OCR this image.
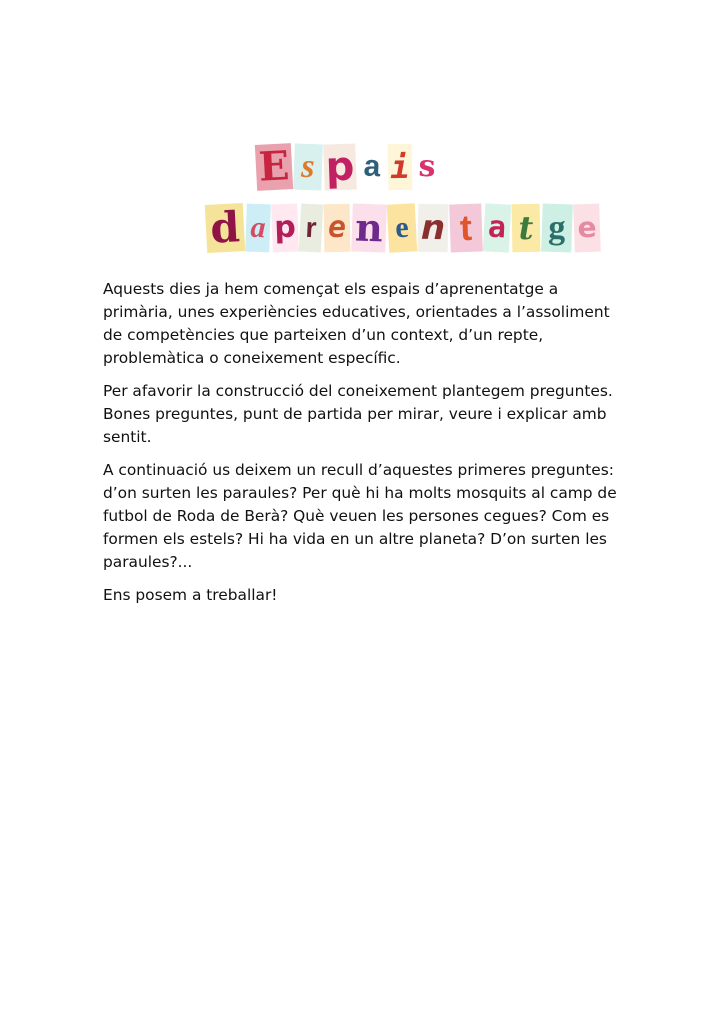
E s p a i s
d a p r e n e n t a t g e

Aquests dies ja hem començat els espais d’aprenentatge a primària, unes experiències educatives, orientades a l’assoliment de competències que parteixen d’un context, d’un repte, problemàtica o coneixement específic.

Per afavorir la construcció del coneixement plantegem preguntes. Bones preguntes, punt de partida per mirar, veure i explicar amb sentit.

A continuació us deixem un recull d’aquestes primeres preguntes: d’on surten les paraules? Per què hi ha molts mosquits al camp de futbol de Roda de Berà? Què veuen les persones cegues? Com es formen els estels? Hi ha vida en un altre planeta? D’on surten les paraules?...

Ens posem a treballar!
